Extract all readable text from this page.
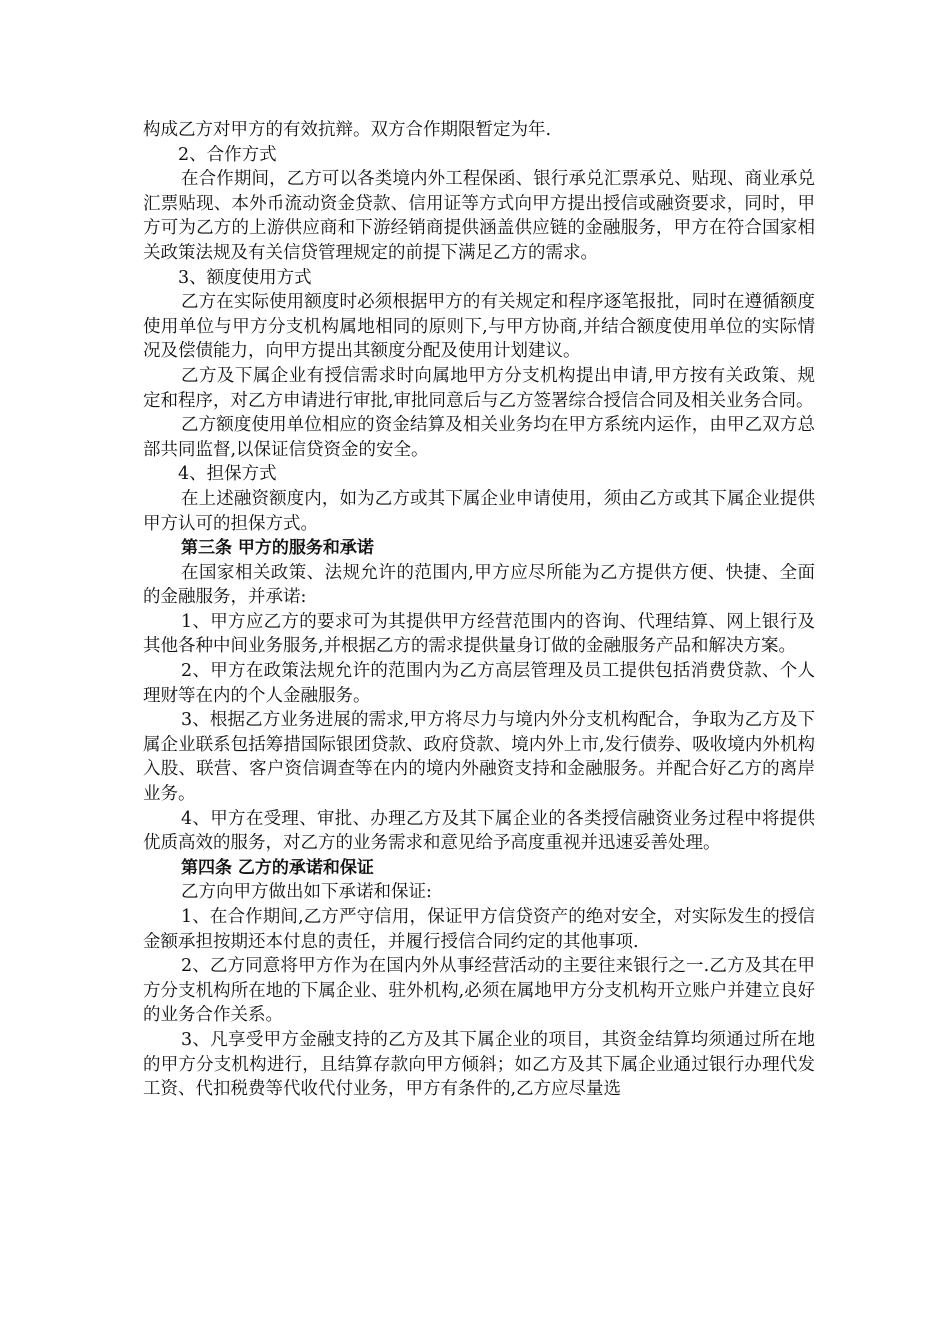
构成乙方对甲方的有效抗辩。双方合作期限暂定为年.

2、合作方式

在合作期间，乙方可以各类境内外工程保函、银行承兑汇票承兑、贴现、商业承兑汇票贴现、本外币流动资金贷款、信用证等方式向甲方提出授信或融资要求，同时，甲方可为乙方的上游供应商和下游经销商提供涵盖供应链的金融服务，甲方在符合国家相关政策法规及有关信贷管理规定的前提下满足乙方的需求。

3、额度使用方式

乙方在实际使用额度时必须根据甲方的有关规定和程序逐笔报批，同时在遵循额度使用单位与甲方分支机构属地相同的原则下,与甲方协商,并结合额度使用单位的实际情况及偿债能力，向甲方提出其额度分配及使用计划建议。

乙方及下属企业有授信需求时向属地甲方分支机构提出申请,甲方按有关政策、规定和程序，对乙方申请进行审批,审批同意后与乙方签署综合授信合同及相关业务合同。

乙方额度使用单位相应的资金结算及相关业务均在甲方系统内运作，由甲乙双方总部共同监督,以保证信贷资金的安全。

4、担保方式

在上述融资额度内，如为乙方或其下属企业申请使用，须由乙方或其下属企业提供甲方认可的担保方式。

第三条 甲方的服务和承诺

在国家相关政策、法规允许的范围内,甲方应尽所能为乙方提供方便、快捷、全面的金融服务，并承诺:

1、甲方应乙方的要求可为其提供甲方经营范围内的咨询、代理结算、网上银行及其他各种中间业务服务,并根据乙方的需求提供量身订做的金融服务产品和解决方案。

2、甲方在政策法规允许的范围内为乙方高层管理及员工提供包括消费贷款、个人理财等在内的个人金融服务。

3、根据乙方业务进展的需求,甲方将尽力与境内外分支机构配合，争取为乙方及下属企业联系包括筹措国际银团贷款、政府贷款、境内外上市,发行债券、吸收境内外机构入股、联营、客户资信调查等在内的境内外融资支持和金融服务。并配合好乙方的离岸业务。

4、甲方在受理、审批、办理乙方及其下属企业的各类授信融资业务过程中将提供优质高效的服务，对乙方的业务需求和意见给予高度重视并迅速妥善处理。

第四条 乙方的承诺和保证

乙方向甲方做出如下承诺和保证:

1、在合作期间,乙方严守信用，保证甲方信贷资产的绝对安全，对实际发生的授信金额承担按期还本付息的责任，并履行授信合同约定的其他事项.

2、乙方同意将甲方作为在国内外从事经营活动的主要往来银行之一.乙方及其在甲方分支机构所在地的下属企业、驻外机构,必须在属地甲方分支机构开立账户并建立良好的业务合作关系。

3、凡享受甲方金融支持的乙方及其下属企业的项目，其资金结算均须通过所在地的甲方分支机构进行，且结算存款向甲方倾斜；如乙方及其下属企业通过银行办理代发工资、代扣税费等代收代付业务，甲方有条件的,乙方应尽量选
